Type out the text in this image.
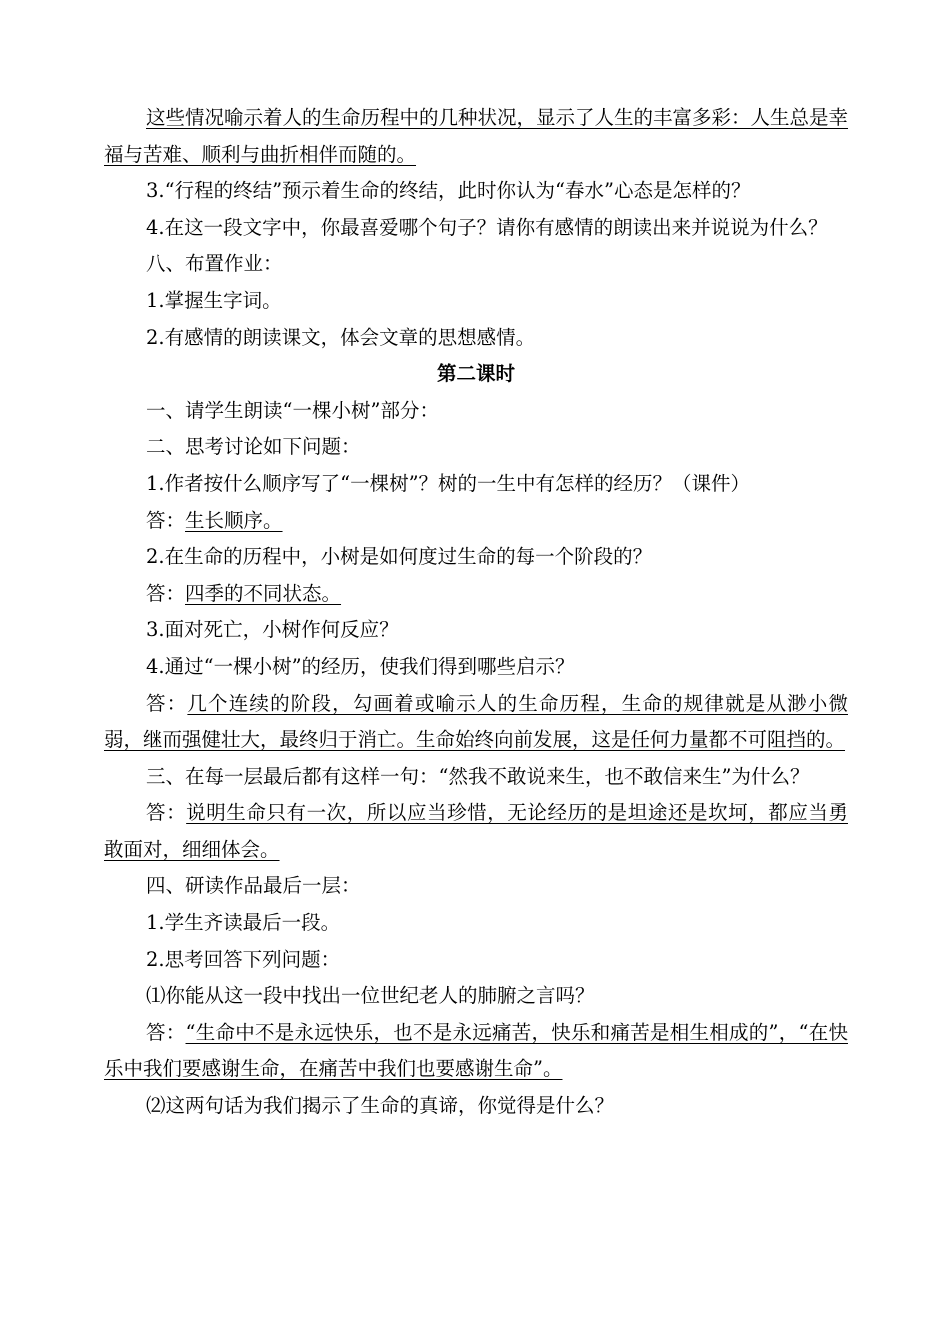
这些情况喻示着人的生命历程中的几种状况，显示了人生的丰富多彩：人生总是幸福与苦难、顺利与曲折相伴而随的。

3.“行程的终结”预示着生命的终结，此时你认为“春水”心态是怎样的？

4.在这一段文字中，你最喜爱哪个句子？请你有感情的朗读出来并说说为什么？

八、布置作业：

1.掌握生字词。

2.有感情的朗读课文，体会文章的思想感情。

第二课时

一、请学生朗读“一棵小树”部分：

二、思考讨论如下问题：

1.作者按什么顺序写了“一棵树”？树的一生中有怎样的经历？（课件）

答：生长顺序。

2.在生命的历程中，小树是如何度过生命的每一个阶段的？

答：四季的不同状态。

3.面对死亡，小树作何反应？

4.通过“一棵小树”的经历，使我们得到哪些启示？

答：几个连续的阶段，勾画着或喻示人的生命历程，生命的规律就是从渺小微弱，继而强健壮大，最终归于消亡。生命始终向前发展，这是任何力量都不可阻挡的。

三、在每一层最后都有这样一句：“然我不敢说来生，也不敢信来生”为什么？

答：说明生命只有一次，所以应当珍惜，无论经历的是坦途还是坎坷，都应当勇敢面对，细细体会。

四、研读作品最后一层：

1.学生齐读最后一段。

2.思考回答下列问题：

⑴你能从这一段中找出一位世纪老人的肺腑之言吗？

答：“生命中不是永远快乐，也不是永远痛苦，快乐和痛苦是相生相成的”，“在快乐中我们要感谢生命，在痛苦中我们也要感谢生命”。

⑵这两句话为我们揭示了生命的真谛，你觉得是什么？
